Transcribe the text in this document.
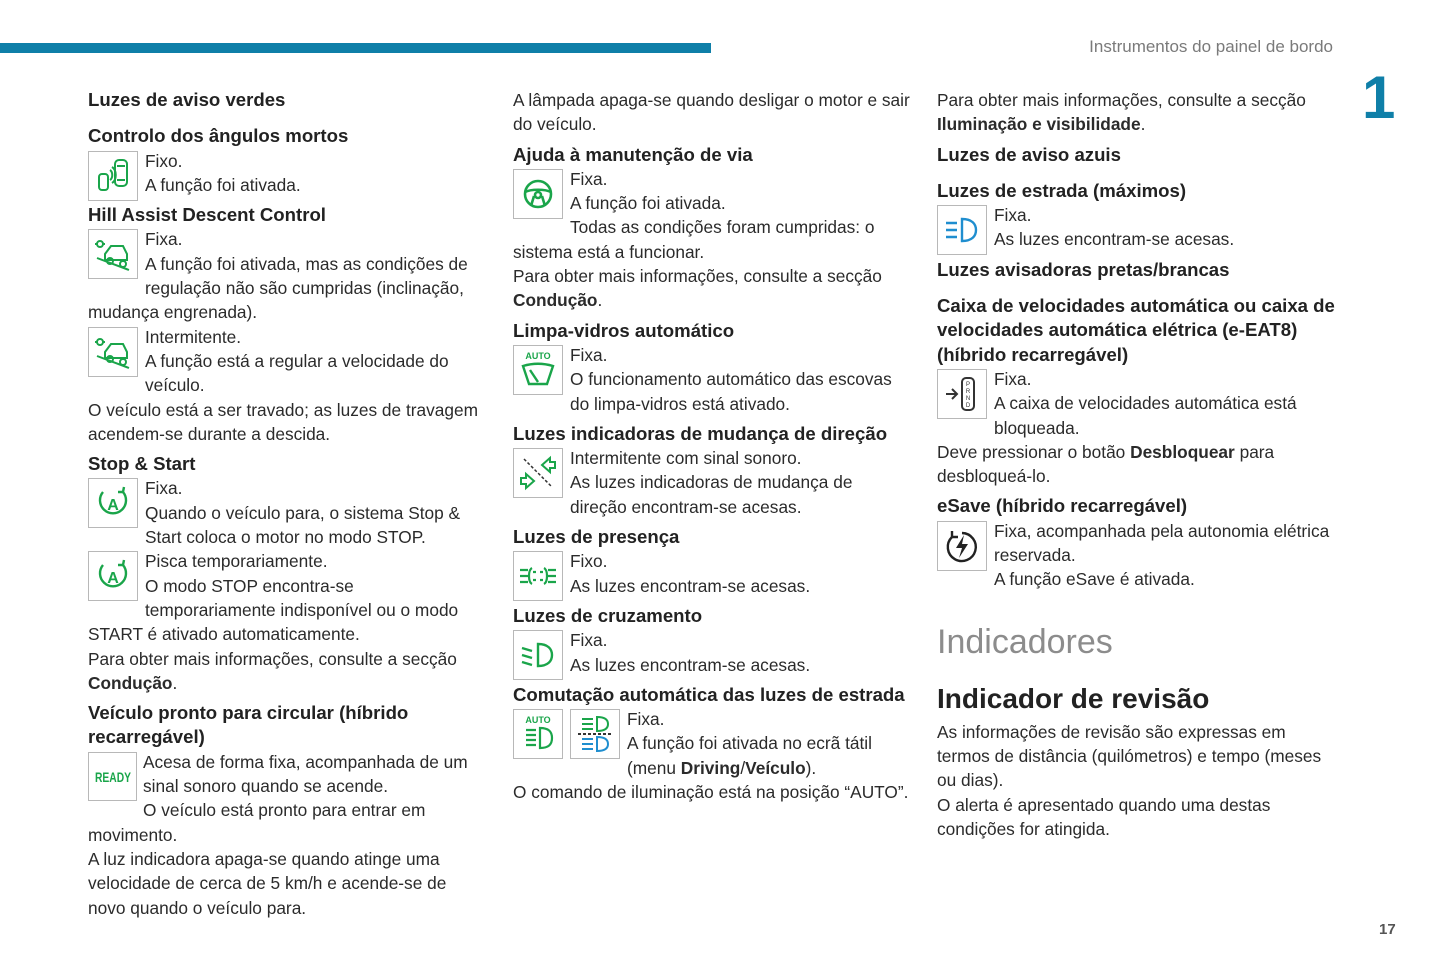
Instrumentos do painel de bordo
1
17
Luzes de aviso verdes
Controlo dos ângulos mortos

Fixo.

A função foi ativada.

Hill Assist Descent Control

Fixa.

A função foi ativada, mas as condições de regulação não são cumpridas (inclinação, mudança engrenada).

Intermitente.

A função está a regular a velocidade do veículo.

O veículo está a ser travado; as luzes de travagem acendem-se durante a descida.

Stop & Start
A

Fixa.

Quando o veículo para, o sistema Stop & Start coloca o motor no modo STOP.

A

Pisca temporariamente.

O modo STOP encontra-se temporariamente indisponível ou o modo START é ativado automaticamente.

Para obter mais informações, consulte a secção Condução.

Veículo pronto para circular (híbrido recarregável)
READY

Acesa de forma fixa, acompanhada de um sinal sonoro quando se acende.

O veículo está pronto para entrar em movimento.

A luz indicadora apaga-se quando atinge uma velocidade de cerca de 5 km/h e acende-se de novo quando o veículo para.

A lâmpada apaga-se quando desligar o motor e sair do veículo.

Ajuda à manutenção de via

Fixa.

A função foi ativada.

Todas as condições foram cumpridas: o sistema está a funcionar.

Para obter mais informações, consulte a secção Condução.

Limpa-vidros automático
AUTO	Fixa.

O funcionamento automático das escovas do limpa-vidros está ativado.

Luzes indicadoras de mudança de direção

Intermitente com sinal sonoro.

As luzes indicadoras de mudança de direção encontram-se acesas.

Luzes de presença

Fixo.

As luzes encontram-se acesas.

Luzes de cruzamento

Fixa.

As luzes encontram-se acesas.

Comutação automática das luzes de estrada
AUTO	Fixa.

A função foi ativada no ecrã tátil (menu Driving/Veículo).

O comando de iluminação está na posição “AUTO”.

Para obter mais informações, consulte a secção Iluminação e visibilidade.

Luzes de aviso azuis
Luzes de estrada (máximos)

Fixa.

As luzes encontram-se acesas.

Luzes avisadoras pretas/brancas
Caixa de velocidades automática ou caixa de velocidades automática elétrica (e-EAT8) (híbrido recarregável)
P
R
N
D

Fixa.

A caixa de velocidades automática está bloqueada.

Deve pressionar o botão Desbloquear para desbloqueá-lo.

eSave (híbrido recarregável)

Fixa, acompanhada pela autonomia elétrica reservada.

A função eSave é ativada.

Indicadores
Indicador de revisão

As informações de revisão são expressas em termos de distância (quilómetros) e tempo (meses ou dias).

O alerta é apresentado quando uma destas condições for atingida.
